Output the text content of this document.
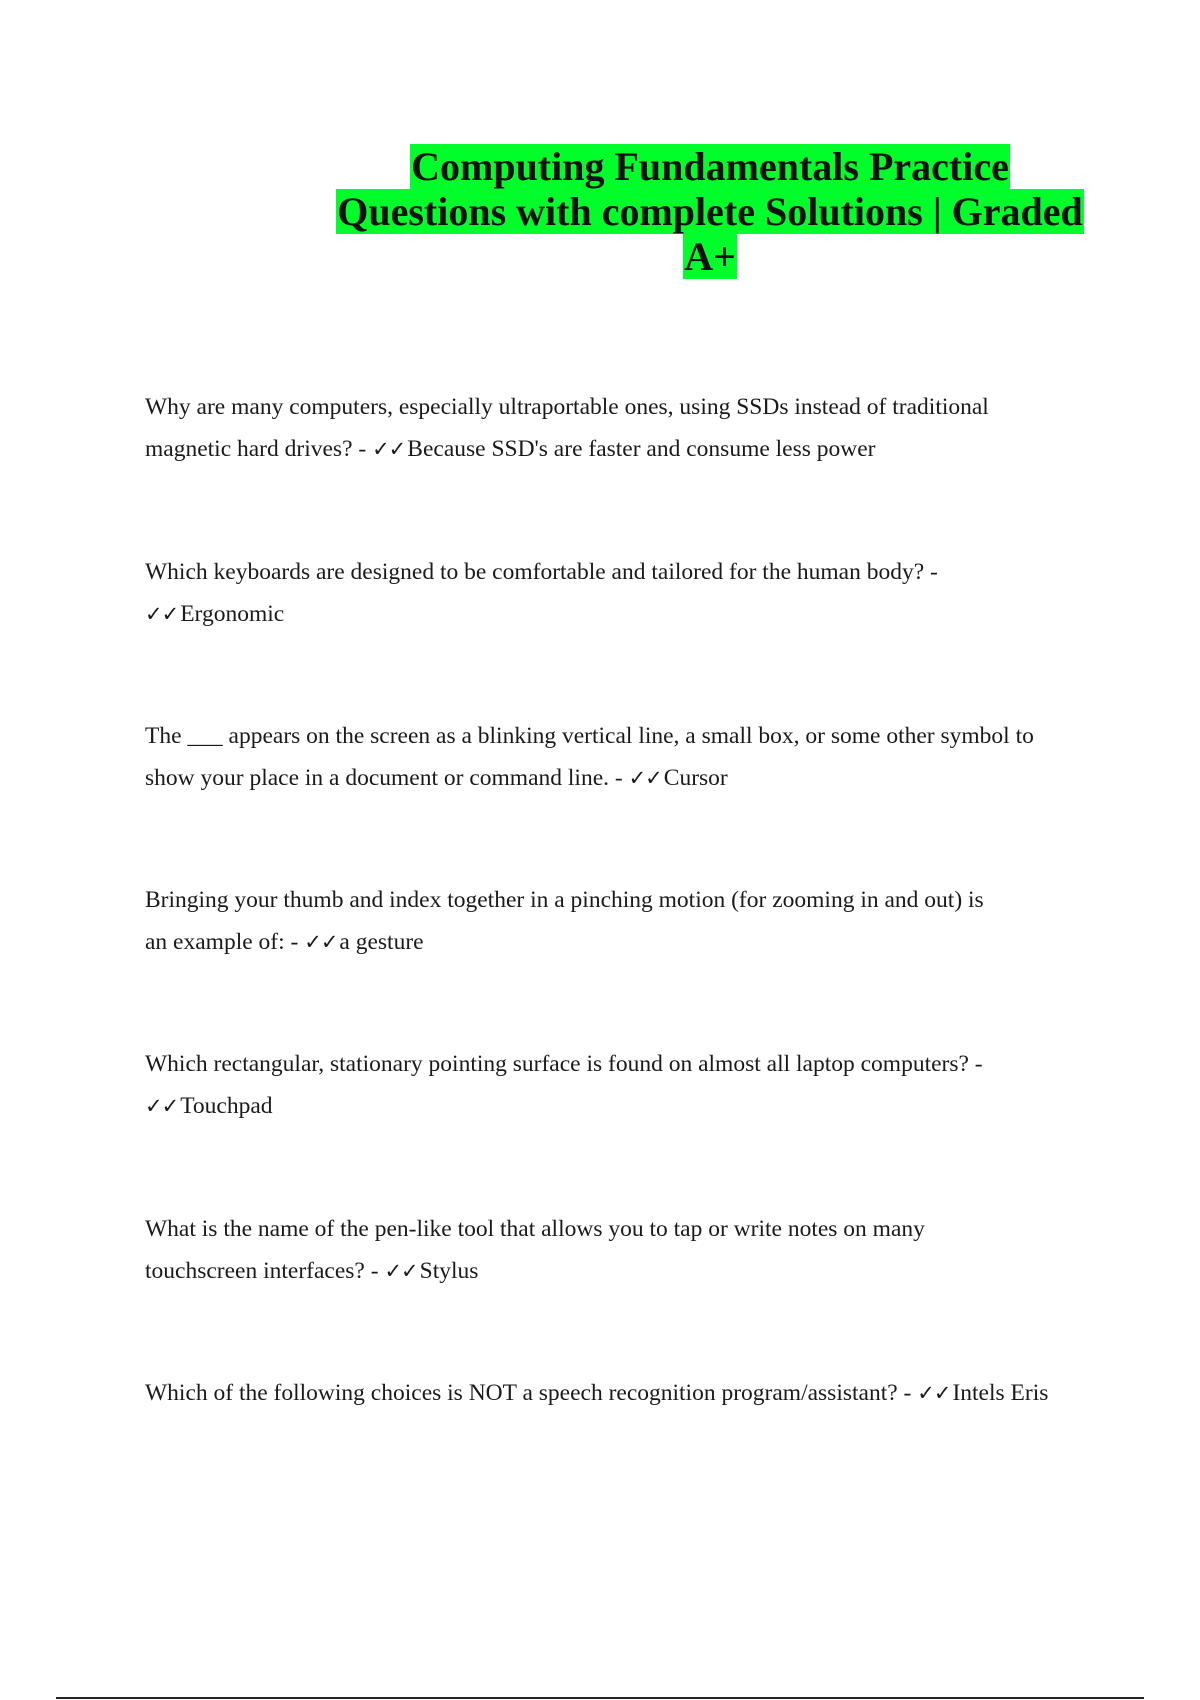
Computing Fundamentals Practice
Questions with complete Solutions | Graded
A+
Why are many computers, especially ultraportable ones, using SSDs instead of traditional
magnetic hard drives? - ✓✓Because SSD's are faster and consume less power
Which keyboards are designed to be comfortable and tailored for the human body? -
✓✓Ergonomic
The ___ appears on the screen as a blinking vertical line, a small box, or some other symbol to
show your place in a document or command line. - ✓✓Cursor
Bringing your thumb and index together in a pinching motion (for zooming in and out) is
an example of: - ✓✓a gesture
Which rectangular, stationary pointing surface is found on almost all laptop computers? -
✓✓Touchpad
What is the name of the pen-like tool that allows you to tap or write notes on many
touchscreen interfaces? - ✓✓Stylus
Which of the following choices is NOT a speech recognition program/assistant? - ✓✓Intels Eris
